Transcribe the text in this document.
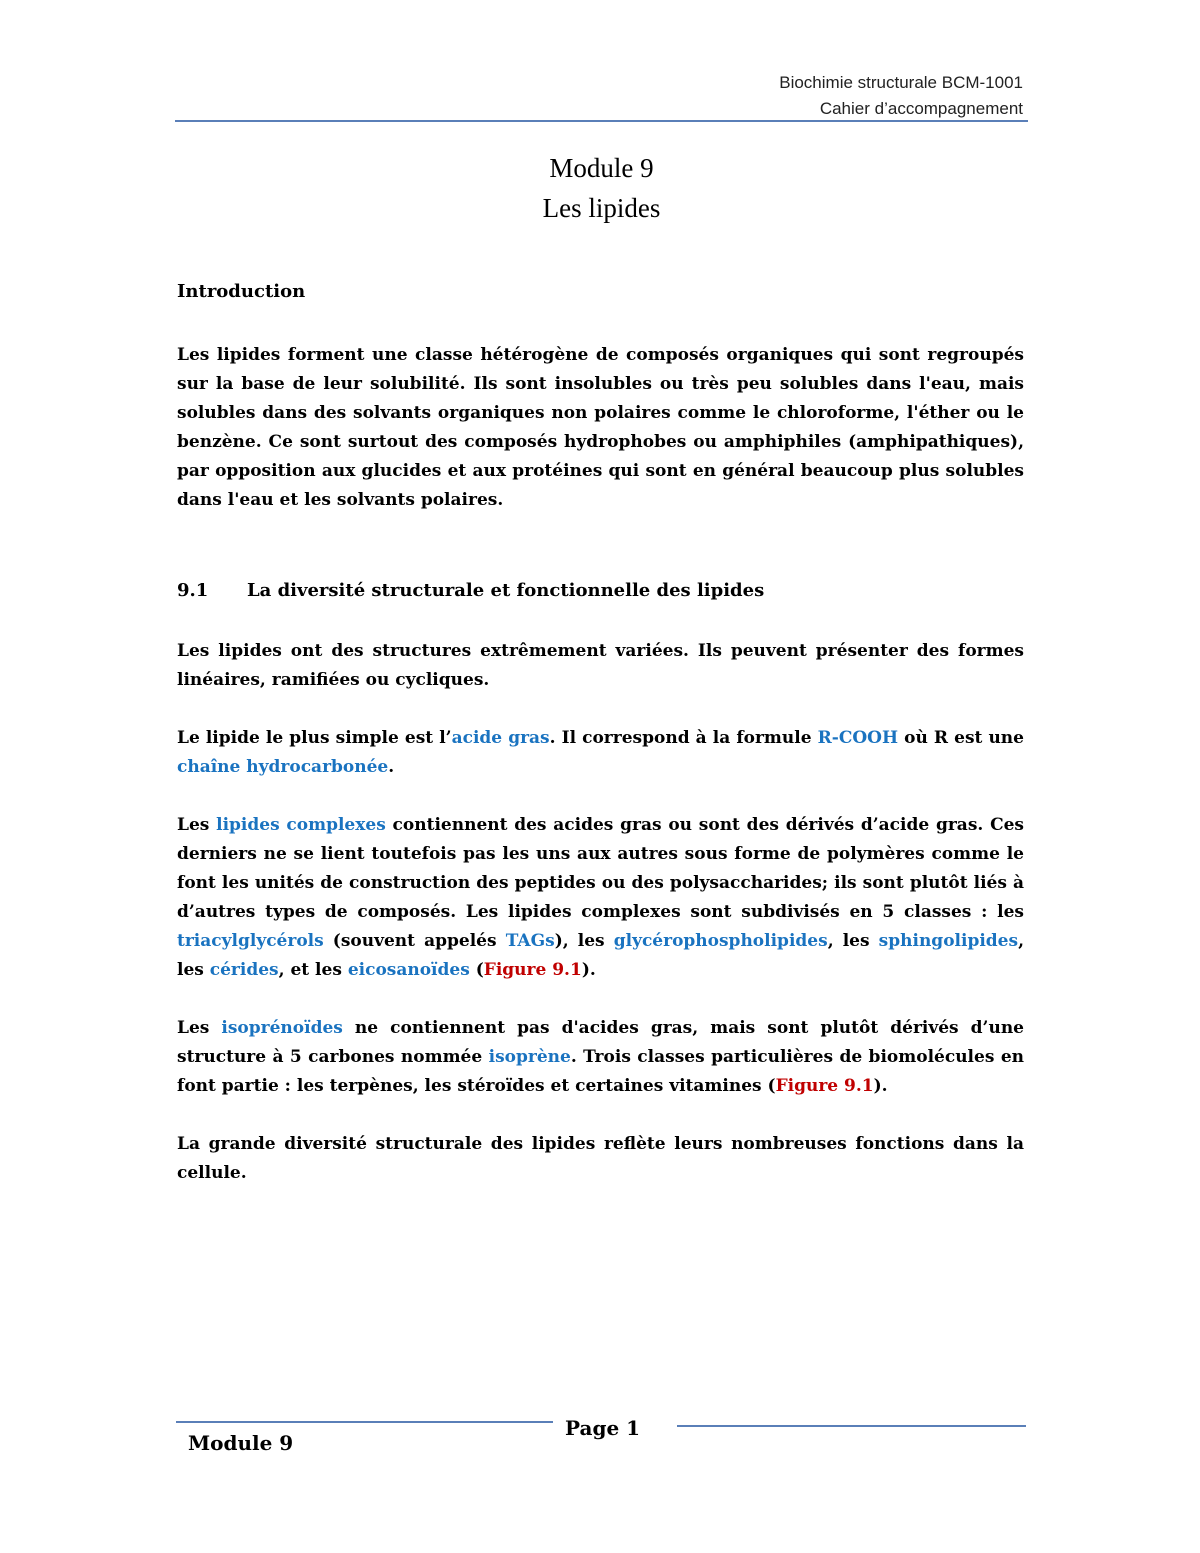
Biochimie structurale BCM-1001
Cahier d’accompagnement
Module 9
Les lipides

Introduction

Les lipides forment une classe hétérogène de composés organiques qui sont regroupés sur la base de leur solubilité. Ils sont insolubles ou très peu solubles dans l'eau, mais solubles dans des solvants organiques non polaires comme le chloroforme, l'éther ou le benzène. Ce sont surtout des composés hydrophobes ou amphiphiles (amphipathiques), par opposition aux glucides et aux protéines qui sont en général beaucoup plus solubles dans l'eau et les solvants polaires.

9.1	La diversité structurale et fonctionnelle des lipides

Les lipides ont des structures extrêmement variées. Ils peuvent présenter des formes linéaires, ramifiées ou cycliques.

Le lipide le plus simple est l’acide gras. Il correspond à la formule R-COOH où R est une chaîne hydrocarbonée.

Les lipides complexes contiennent des acides gras ou sont des dérivés d’acide gras. Ces derniers ne se lient toutefois pas les uns aux autres sous forme de polymères comme le font les unités de construction des peptides ou des polysaccharides; ils sont plutôt liés à d’autres types de composés. Les lipides complexes sont subdivisés en 5 classes : les triacylglycérols (souvent appelés TAGs), les glycérophospholipides, les sphingolipides, les cérides, et les eicosanoïdes (Figure 9.1).

Les isoprénoïdes ne contiennent pas d'acides gras, mais sont plutôt dérivés d’une structure à 5 carbones nommée isoprène. Trois classes particulières de biomolécules en font partie : les terpènes, les stéroïdes et certaines vitamines (Figure 9.1).

La grande diversité structurale des lipides reflète leurs nombreuses fonctions dans la cellule.

Page 1
Module 9
